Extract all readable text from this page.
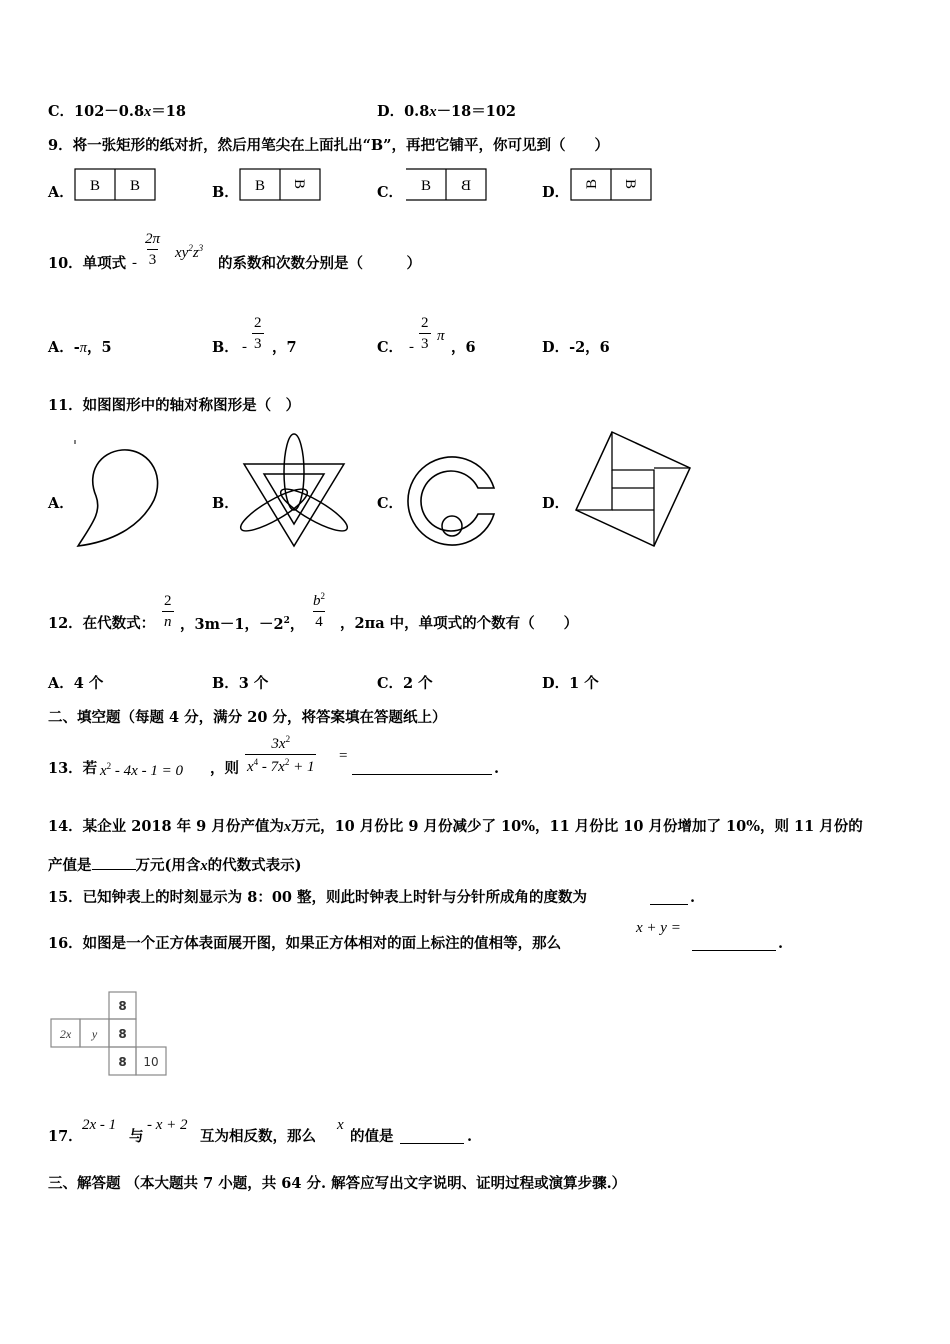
C．102－0.8x＝18	D．0.8x－18＝102
9．将一张矩形的纸对折，然后用笔尖在上面扎出“B”，再把它铺平，你可见到（　　）
A．	B．	C．	D．
B B	B B	B B	B B
10．单项式 - $\frac{2\pi}{3} xy^2z^3$
的系数和次数分别是（　　　）
A．-π，5	B． - $\frac{2}{3}$ ，7	C． - $\frac{2}{3}$ π
，6	D．-2，6
11．如图图形中的轴对称图形是（　）
A．	B．	C．	D．
12．在代数式： $\frac{2}{n}$ ，3m－1，$-2^2$， $\frac{b^2}{4}$ ，2πa 中，单项式的个数有（　　）
A．4 个	B．3 个	C．2 个	D．1 个
二、填空题（每题 4 分，满分 20 分，将答案填在答题纸上）
13．若 $x^2 - 4x - 1 = 0$ ，则 $\frac{3x^2}{x^4 - 7x^2 + 1}$ =
.
14．某企业 2018 年 9 月份产值为x万元，10 月份比 9 月份减少了 10%，11 月份比 10 月份增加了 10%，则 11 月份的
产值是	万元(用含x的代数式表示)
15．已知钟表上的时刻显示为 8：00 整，则此时钟表上时针与分针所成角的度数为	.
16．如图是一个正方体表面展开图，如果正方体相对的面上标注的值相等，那么
x + y =
.
8
2x y 8
8 10
17．
2x - 1
与
- x + 2
互为相反数，那么
x
的值是	.
三、解答题 （本大题共 7 小题，共 64 分. 解答应写出文字说明、证明过程或演算步骤.）
